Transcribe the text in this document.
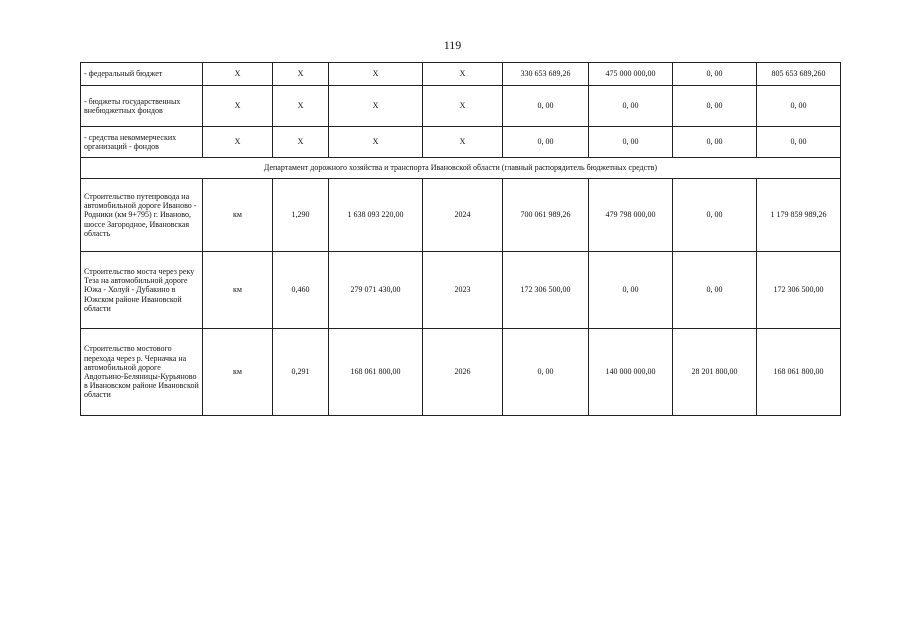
119
- федеральный бюджет	X	X	X	X	330 653 689,26	475 000 000,00	0, 00	805 653 689,260
- бюджеты государственных внебюджетных фондов	X	X	X	X	0, 00	0, 00	0, 00	0, 00
- средства некоммерческих организаций - фондов	X	X	X	X	0, 00	0, 00	0, 00	0, 00
Департамент дорожного хозяйства и транспорта Ивановской области (главный распорядитель бюджетных средств)								
Строительство путепровода на автомобильной дороге Иваново - Родники (км 9+795) г. Иваново, шоссе Загородное, Ивановская область	км	1,290	1 638 093 220,00	2024	700 061 989,26	479 798 000,00	0, 00	1 179 859 989,26
Строительство моста через реку Теза на автомобильной дороге Южа - Холуй - Дубакино в Южском районе Ивановской области	км	0,460	279 071 430,00	2023	172 306 500,00	0, 00	0, 00	172 306 500,00
Строительство мостового перехода через р. Черначка на автомобильной дороге Авдотьино-Беляницы-Курьяново в Ивановском районе Ивановской области	км	0,291	168 061 800,00	2026	0, 00	140 000 000,00	28 201 800,00	168 061 800,00
